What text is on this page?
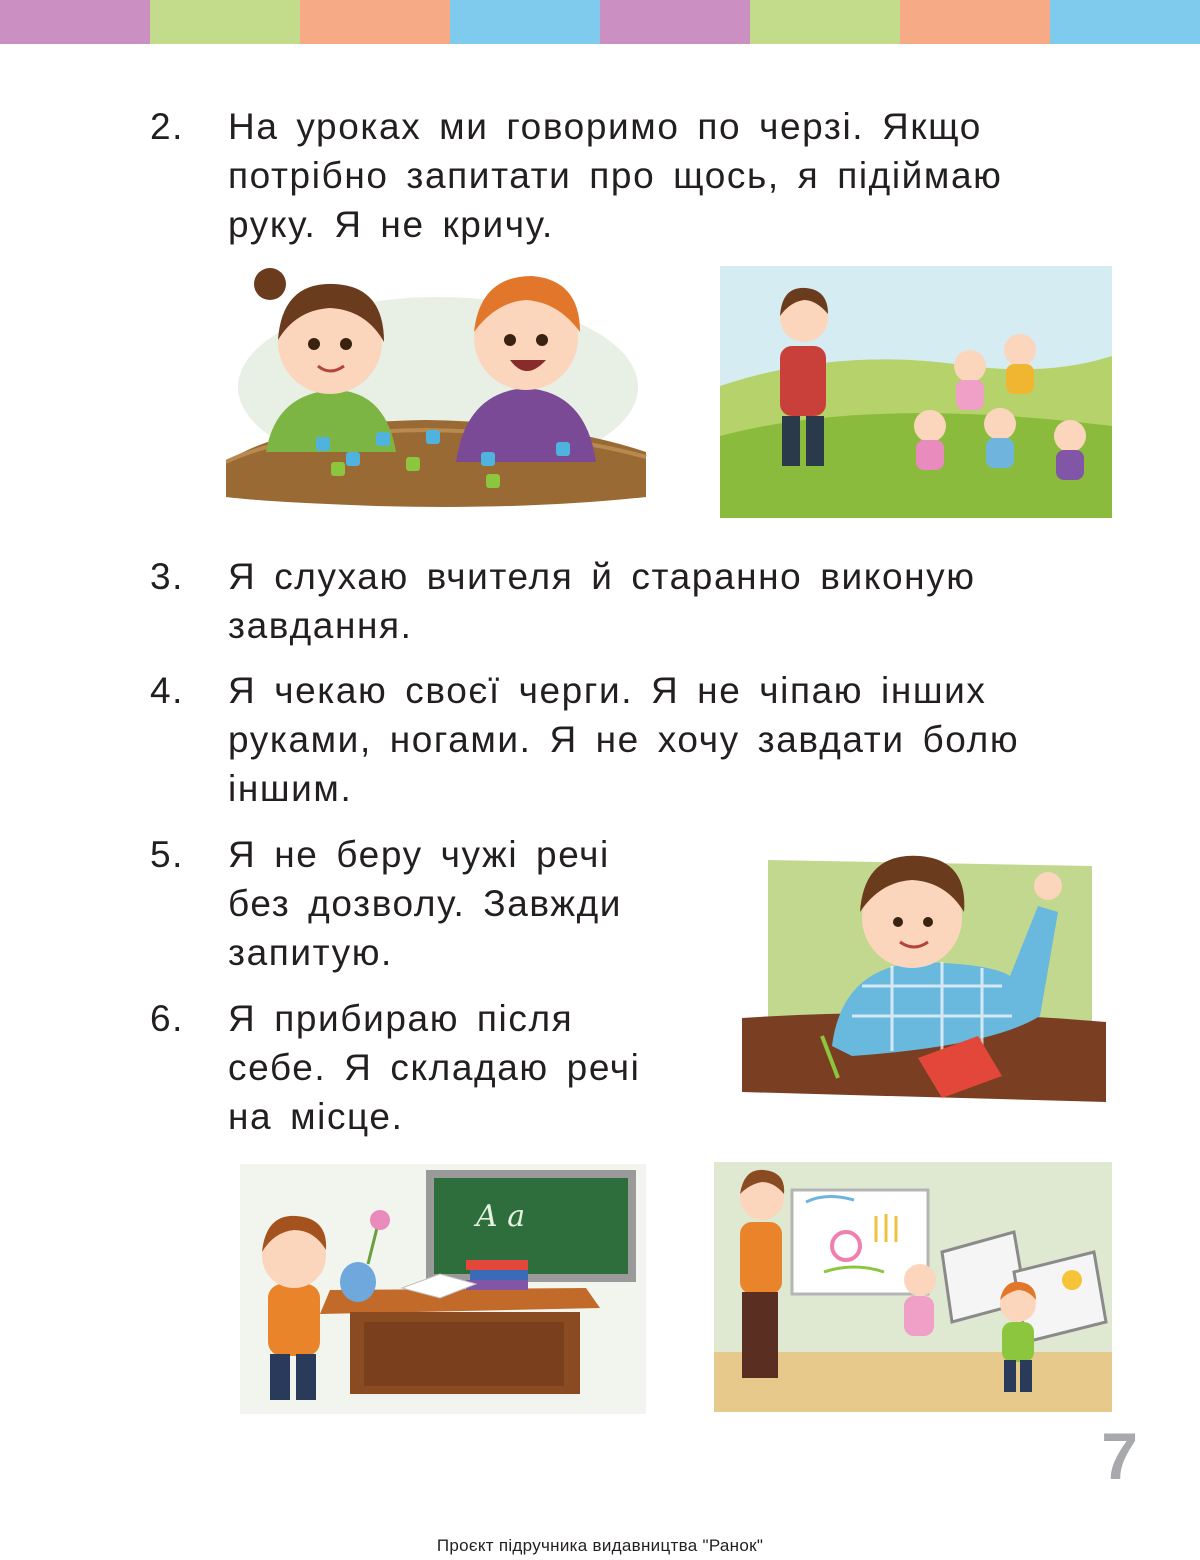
2. На уроках ми говоримо по черзі. Якщо
потрібно запитати про щось, я підіймаю
руку. Я не кричу.
3. Я слухаю вчителя й старанно виконую
завдання.
4. Я чекаю своєї черги. Я не чіпаю інших
руками, ногами. Я не хочу завдати болю
іншим.
5. Я не беру чужі речі
без дозволу. Завжди
запитую.
6. Я прибираю після
себе. Я складаю речі
на місце.
A a
7
Проєкт підручника видавництва "Ранок"
